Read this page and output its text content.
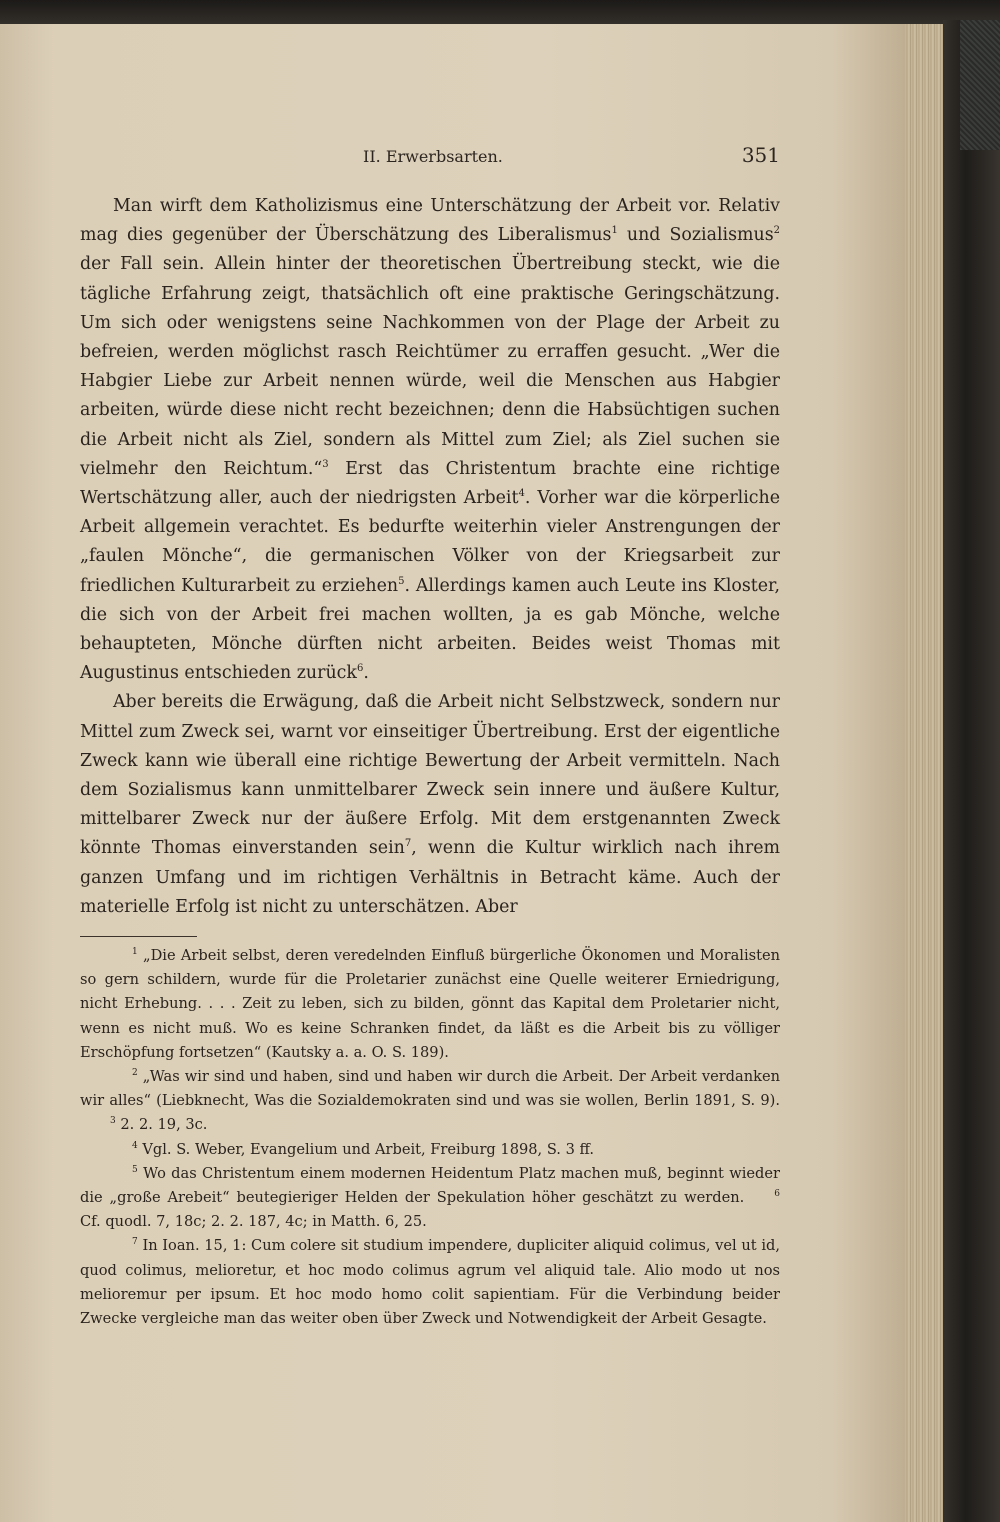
II. Erwerbsarten.	351

Man wirft dem Katholizismus eine Unterschätzung der Arbeit vor. Relativ mag dies gegenüber der Überschätzung des Liberalismus$^1$ und Sozialismus$^2$ der Fall sein. Allein hinter der theoretischen Übertreibung steckt, wie die tägliche Erfahrung zeigt, thatsächlich oft eine praktische Geringschätzung. Um sich oder wenigstens seine Nachkommen von der Plage der Arbeit zu befreien, werden möglichst rasch Reichtümer zu erraffen gesucht. „Wer die Habgier Liebe zur Arbeit nennen würde, weil die Menschen aus Habgier arbeiten, würde diese nicht recht bezeichnen; denn die Habsüchtigen suchen die Arbeit nicht als Ziel, sondern als Mittel zum Ziel; als Ziel suchen sie vielmehr den Reichtum.“$^3$ Erst das Christentum brachte eine richtige Wertschätzung aller, auch der niedrigsten Arbeit$^4$. Vorher war die körperliche Arbeit allgemein verachtet. Es bedurfte weiterhin vieler Anstrengungen der „faulen Mönche“, die germanischen Völker von der Kriegsarbeit zur friedlichen Kulturarbeit zu erziehen$^5$. Allerdings kamen auch Leute ins Kloster, die sich von der Arbeit frei machen wollten, ja es gab Mönche, welche behaupteten, Mönche dürften nicht arbeiten. Beides weist Thomas mit Augustinus entschieden zurück$^6$.

Aber bereits die Erwägung, daß die Arbeit nicht Selbstzweck, sondern nur Mittel zum Zweck sei, warnt vor einseitiger Übertreibung. Erst der eigentliche Zweck kann wie überall eine richtige Bewertung der Arbeit vermitteln. Nach dem Sozialismus kann unmittelbarer Zweck sein innere und äußere Kultur, mittelbarer Zweck nur der äußere Erfolg. Mit dem erstgenannten Zweck könnte Thomas einverstanden sein$^7$, wenn die Kultur wirklich nach ihrem ganzen Umfang und im richtigen Verhältnis in Betracht käme. Auch der materielle Erfolg ist nicht zu unterschätzen. Aber

$^1$ „Die Arbeit selbst, deren veredelnden Einfluß bürgerliche Ökonomen und Moralisten so gern schildern, wurde für die Proletarier zunächst eine Quelle weiterer Erniedrigung, nicht Erhebung. . . . Zeit zu leben, sich zu bilden, gönnt das Kapital dem Proletarier nicht, wenn es nicht muß. Wo es keine Schranken findet, da läßt es die Arbeit bis zu völliger Erschöpfung fortsetzen“ (Kautsky a. a. O. S. 189).

$^2$ „Was wir sind und haben, sind und haben wir durch die Arbeit. Der Arbeit verdanken wir alles“ (Liebknecht, Was die Sozialdemokraten sind und was sie wollen, Berlin 1891, S. 9).$^3$ 2. 2. 19, 3c.

$^4$ Vgl. S. Weber, Evangelium und Arbeit, Freiburg 1898, S. 3 ff.

$^5$ Wo das Christentum einem modernen Heidentum Platz machen muß, beginnt wieder die „große Arebeit“ beutegieriger Helden der Spekulation höher geschätzt zu werden.	$^6$ Cf. quodl. 7, 18c; 2. 2. 187, 4c; in Matth. 6, 25.

$^7$ In Ioan. 15, 1: Cum colere sit studium impendere, dupliciter aliquid colimus, vel ut id, quod colimus, melioretur, et hoc modo colimus agrum vel aliquid tale. Alio modo ut nos melioremur per ipsum. Et hoc modo homo colit sapientiam. Für die Verbindung beider Zwecke vergleiche man das weiter oben über Zweck und Notwendigkeit der Arbeit Gesagte.
